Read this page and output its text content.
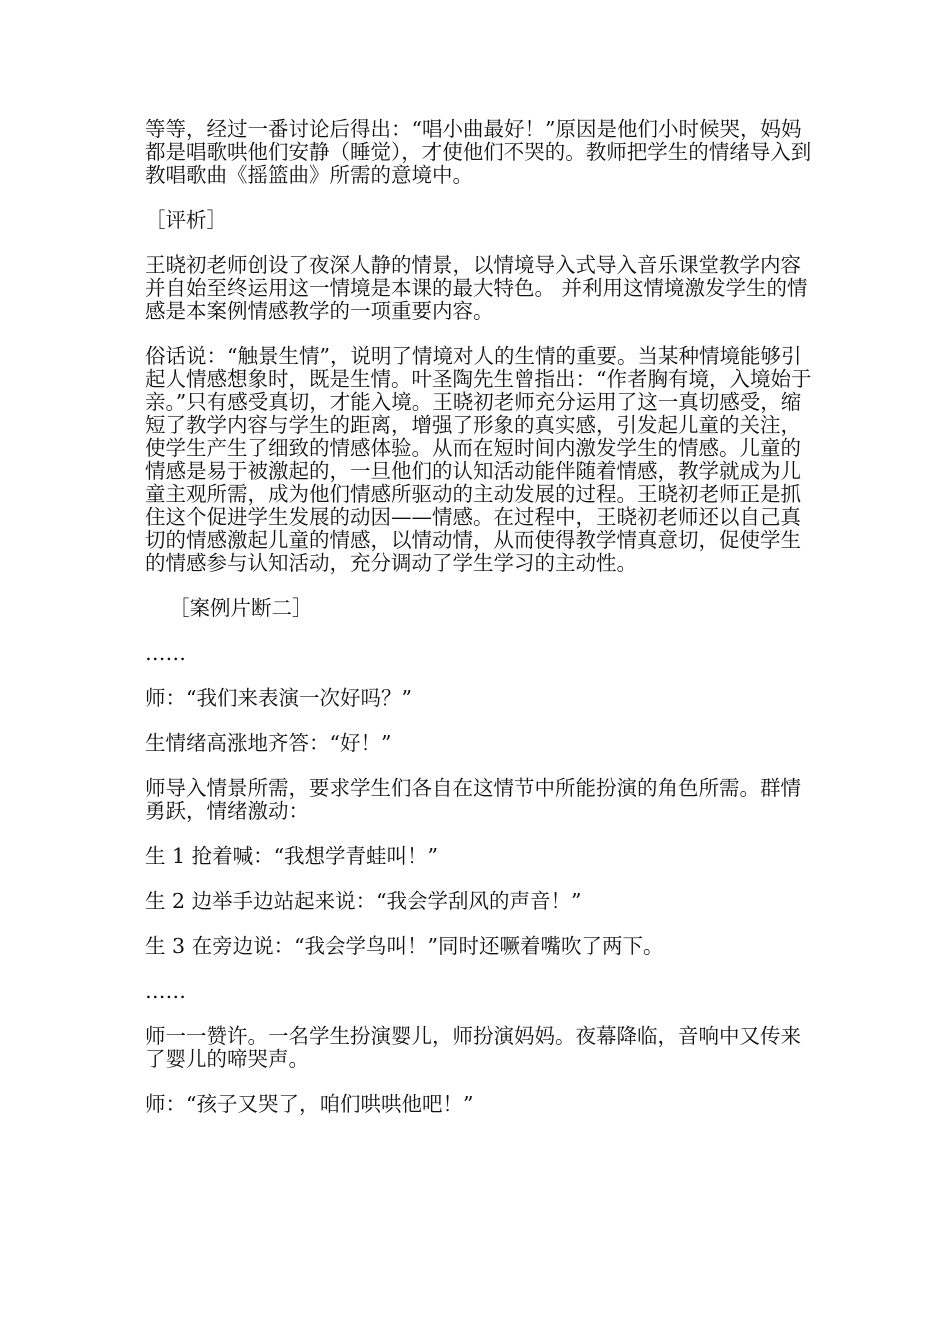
等等，经过一番讨论后得出：“唱小曲最好！”原因是他们小时候哭，妈妈都是唱歌哄他们安静（睡觉），才使他们不哭的。教师把学生的情绪导入到教唱歌曲《摇篮曲》所需的意境中。

［评析］

王晓初老师创设了夜深人静的情景，以情境导入式导入音乐课堂教学内容并自始至终运用这一情境是本课的最大特色。 并利用这情境激发学生的情感是本案例情感教学的一项重要内容。

俗话说：“触景生情”，说明了情境对人的生情的重要。当某种情境能够引起人情感想象时，既是生情。叶圣陶先生曾指出：“作者胸有境，入境始于亲。”只有感受真切，才能入境。王晓初老师充分运用了这一真切感受，缩短了教学内容与学生的距离，增强了形象的真实感，引发起儿童的关注，使学生产生了细致的情感体验。从而在短时间内激发学生的情感。儿童的情感是易于被激起的，一旦他们的认知活动能伴随着情感，教学就成为儿童主观所需，成为他们情感所驱动的主动发展的过程。王晓初老师正是抓住这个促进学生发展的动因——情感。在过程中，王晓初老师还以自己真切的情感激起儿童的情感，以情动情，从而使得教学情真意切，促使学生的情感参与认知活动，充分调动了学生学习的主动性。

［案例片断二］

……

师：“我们来表演一次好吗？”

生情绪高涨地齐答：“好！”

师导入情景所需，要求学生们各自在这情节中所能扮演的角色所需。群情勇跃，情绪激动：

生 1 抢着喊：“我想学青蛙叫！”

生 2 边举手边站起来说：“我会学刮风的声音！”

生 3 在旁边说：“我会学鸟叫！”同时还噘着嘴吹了两下。

……

师一一赞许。一名学生扮演婴儿，师扮演妈妈。夜幕降临，音响中又传来了婴儿的啼哭声。

师：“孩子又哭了，咱们哄哄他吧！”
